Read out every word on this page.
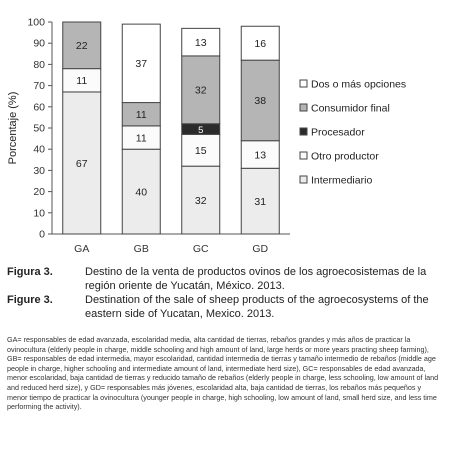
0
10
20
30
40
50
60
70
80
90
100
Porcentaje (%)
GA	GB	GC	GD
67
11
22
40
11
11
37
32
15
5
32
13
31
13
38
16
Dos o más opciones
Consumidor final
Procesador
Otro productor
Intermediario
Figura 3.	Destino de la venta de productos ovinos de los agroecosistemas de la región oriente de Yucatán, México. 2013.
Figure 3.	Destination of the sale of sheep products of the agroecosystems of the eastern side of Yucatan, Mexico. 2013.
GA= responsables de edad avanzada, escolaridad media, alta cantidad de tierras, rebaños grandes y más años de practicar la ovinocultura (elderly people in charge, middle schooling and high amount of land, large herds or more years practing sheep farming), GB= responsables de edad intermedia, mayor escolaridad, cantidad intermedia de tierras y tamaño intermedio de rebaños (middle age people in charge, higher schooling and intermediate amount of land, intermediate herd size), GC= responsables de edad avanzada, menor escolaridad, baja cantidad de tierras y reducido tamaño de rebaños (elderly people in charge, less schooling, low amount of land and reduced herd size), y GD= responsables más jóvenes, escolaridad alta, baja cantidad de tierras, los rebaños más pequeños y menor tiempo de practicar la ovinocultura (younger people in charge, high schooling, low amount of land, small herd size, and less time performing the activity).
